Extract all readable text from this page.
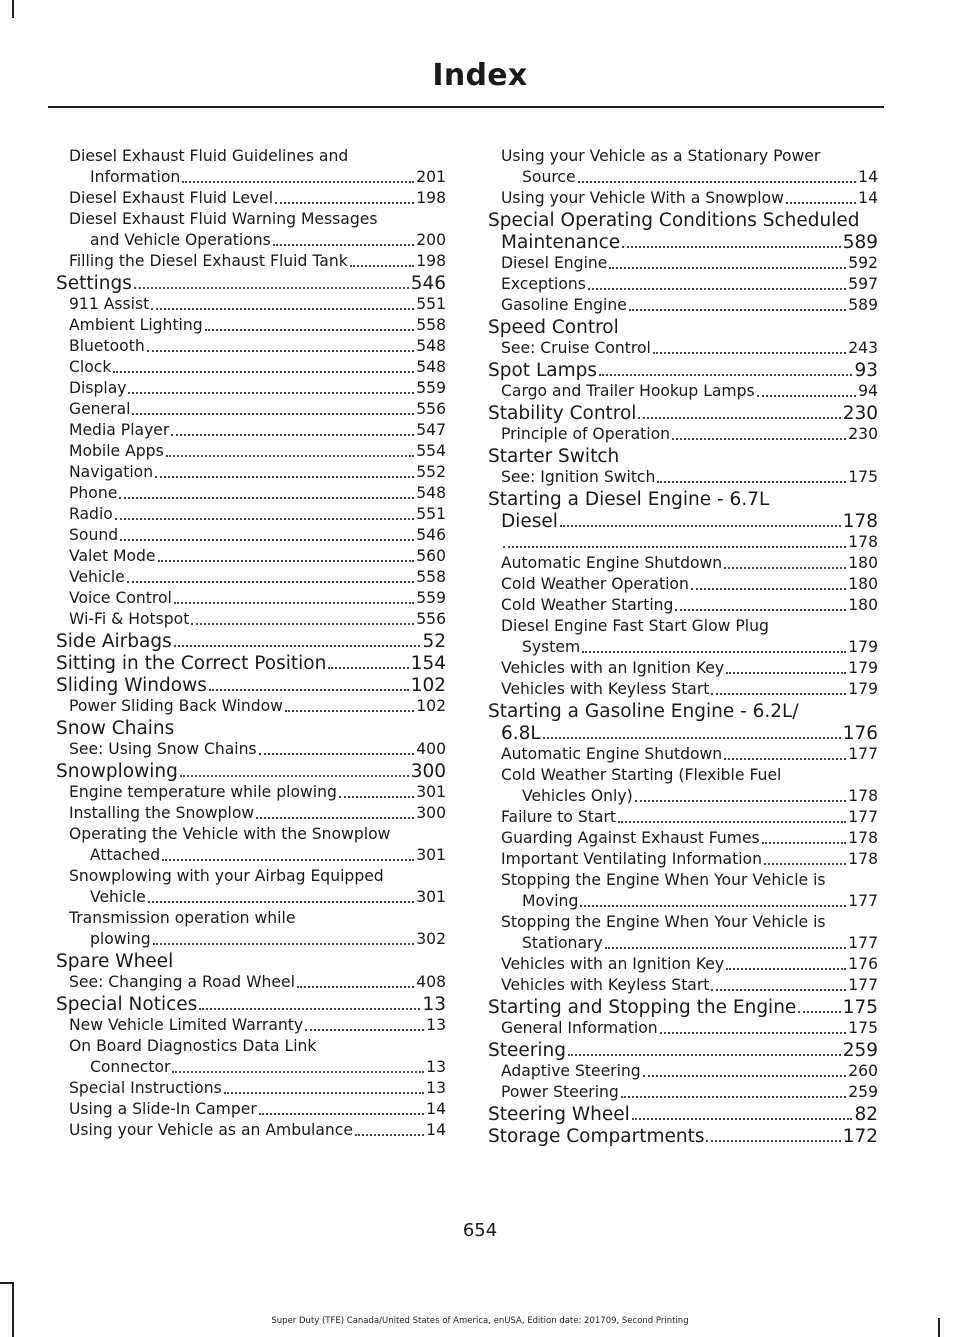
Index
Diesel Exhaust Fluid Guidelines and
Information	201
Diesel Exhaust Fluid Level	198
Diesel Exhaust Fluid Warning Messages
and Vehicle Operations	200
Filling the Diesel Exhaust Fluid Tank	198
Settings	546
911 Assist	551
Ambient Lighting	558
Bluetooth	548
Clock	548
Display	559
General	556
Media Player	547
Mobile Apps	554
Navigation	552
Phone	548
Radio	551
Sound	546
Valet Mode	560
Vehicle	558
Voice Control	559
Wi-Fi & Hotspot	556
Side Airbags	52
Sitting in the Correct Position	154
Sliding Windows	102
Power Sliding Back Window	102
Snow Chains
See: Using Snow Chains	400
Snowplowing	300
Engine temperature while plowing	301
Installing the Snowplow	300
Operating the Vehicle with the Snowplow
Attached	301
Snowplowing with your Airbag Equipped
Vehicle	301
Transmission operation while
plowing	302
Spare Wheel
See: Changing a Road Wheel	408
Special Notices	13
New Vehicle Limited Warranty	13
On Board Diagnostics Data Link
Connector	13
Special Instructions	13
Using a Slide-In Camper	14
Using your Vehicle as an Ambulance	14
Using your Vehicle as a Stationary Power
Source	14
Using your Vehicle With a Snowplow	14
Special Operating Conditions Scheduled
Maintenance	589
Diesel Engine	592
Exceptions	597
Gasoline Engine	589
Speed Control
See: Cruise Control	243
Spot Lamps	93
Cargo and Trailer Hookup Lamps	94
Stability Control	230
Principle of Operation	230
Starter Switch
See: Ignition Switch	175
Starting a Diesel Engine - 6.7L
Diesel	178
178
Automatic Engine Shutdown	180
Cold Weather Operation	180
Cold Weather Starting	180
Diesel Engine Fast Start Glow Plug
System	179
Vehicles with an Ignition Key	179
Vehicles with Keyless Start	179
Starting a Gasoline Engine - 6.2L/
6.8L	176
Automatic Engine Shutdown	177
Cold Weather Starting (Flexible Fuel
Vehicles Only)	178
Failure to Start	177
Guarding Against Exhaust Fumes	178
Important Ventilating Information	178
Stopping the Engine When Your Vehicle is
Moving	177
Stopping the Engine When Your Vehicle is
Stationary	177
Vehicles with an Ignition Key	176
Vehicles with Keyless Start	177
Starting and Stopping the Engine	175
General Information	175
Steering	259
Adaptive Steering	260
Power Steering	259
Steering Wheel	82
Storage Compartments	172
654
Super Duty (TFE) Canada/United States of America, enUSA, Edition date: 201709, Second Printing
